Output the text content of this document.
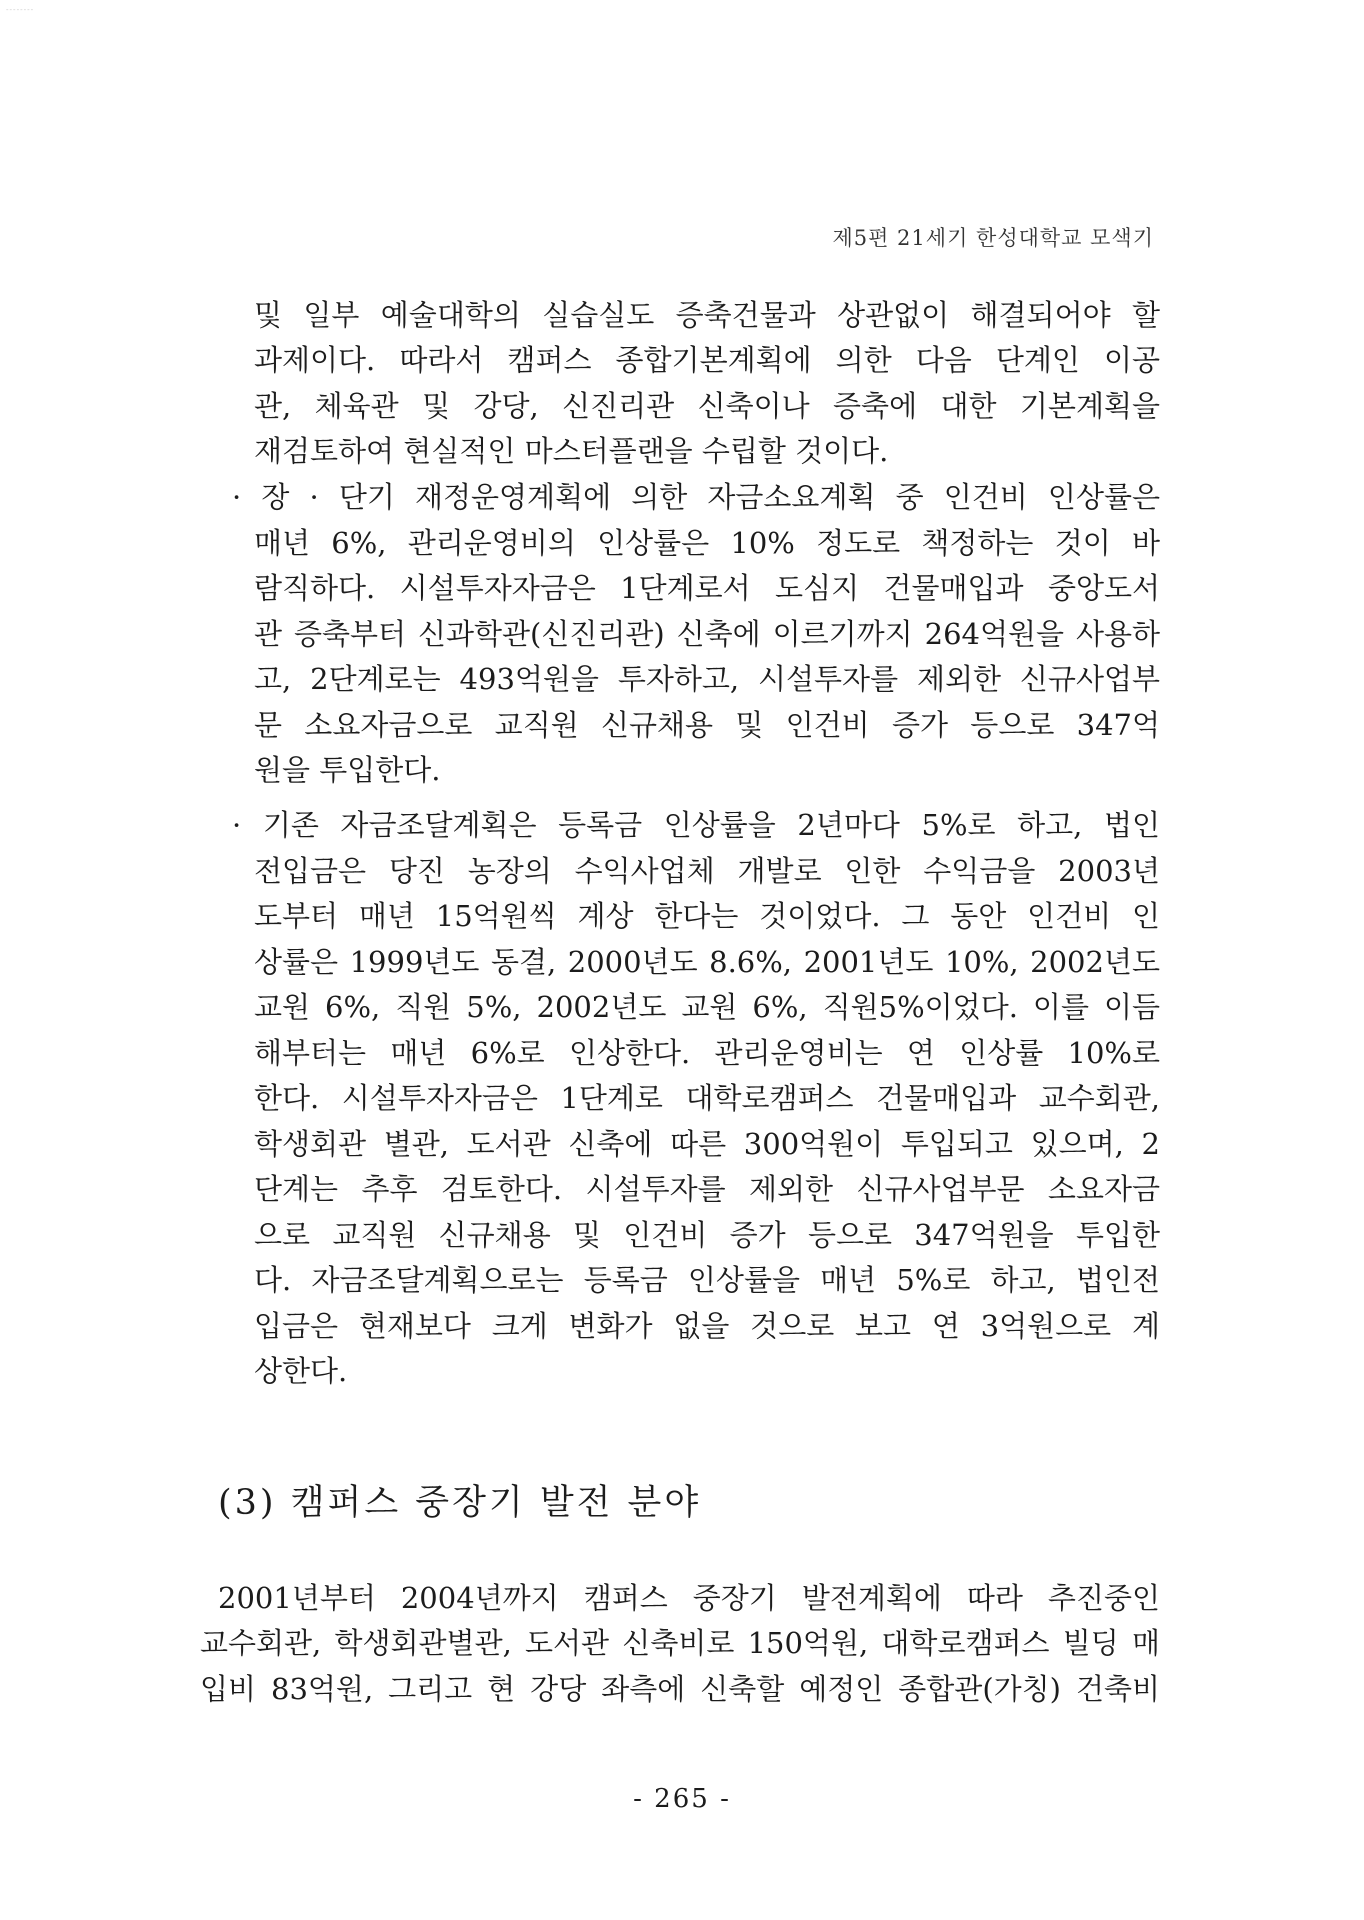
--------
제5편 21세기 한성대학교 모색기
및 일부 예술대학의 실습실도 증축건물과 상관없이 해결되어야 할
과제이다. 따라서 캠퍼스 종합기본계획에 의한 다음 단계인 이공
관, 체육관 및 강당, 신진리관 신축이나 증축에 대한 기본계획을
재검토하여 현실적인 마스터플랜을 수립할 것이다.
· 장 · 단기 재정운영계획에 의한 자금소요계획 중 인건비 인상률은
매년 6%, 관리운영비의 인상률은 10% 정도로 책정하는 것이 바
람직하다. 시설투자자금은 1단계로서 도심지 건물매입과 중앙도서
관 증축부터 신과학관(신진리관) 신축에 이르기까지 264억원을 사용하
고, 2단계로는 493억원을 투자하고, 시설투자를 제외한 신규사업부
문 소요자금으로 교직원 신규채용 및 인건비 증가 등으로 347억
원을 투입한다.
· 기존 자금조달계획은 등록금 인상률을 2년마다 5%로 하고, 법인
전입금은 당진 농장의 수익사업체 개발로 인한 수익금을 2003년
도부터 매년 15억원씩 계상 한다는 것이었다. 그 동안 인건비 인
상률은 1999년도 동결, 2000년도 8.6%, 2001년도 10%, 2002년도
교원 6%, 직원 5%, 2002년도 교원 6%, 직원5%이었다. 이를 이듬
해부터는 매년 6%로 인상한다. 관리운영비는 연 인상률 10%로
한다. 시설투자자금은 1단계로 대학로캠퍼스 건물매입과 교수회관,
학생회관 별관, 도서관 신축에 따른 300억원이 투입되고 있으며, 2
단계는 추후 검토한다. 시설투자를 제외한 신규사업부문 소요자금
으로 교직원 신규채용 및 인건비 증가 등으로 347억원을 투입한
다. 자금조달계획으로는 등록금 인상률을 매년 5%로 하고, 법인전
입금은 현재보다 크게 변화가 없을 것으로 보고 연 3억원으로 계
상한다.
(3) 캠퍼스 중장기 발전 분야
2001년부터 2004년까지 캠퍼스 중장기 발전계획에 따라 추진중인
교수회관, 학생회관별관, 도서관 신축비로 150억원, 대학로캠퍼스 빌딩 매
입비 83억원, 그리고 현 강당 좌측에 신축할 예정인 종합관(가칭) 건축비
- 265 -
